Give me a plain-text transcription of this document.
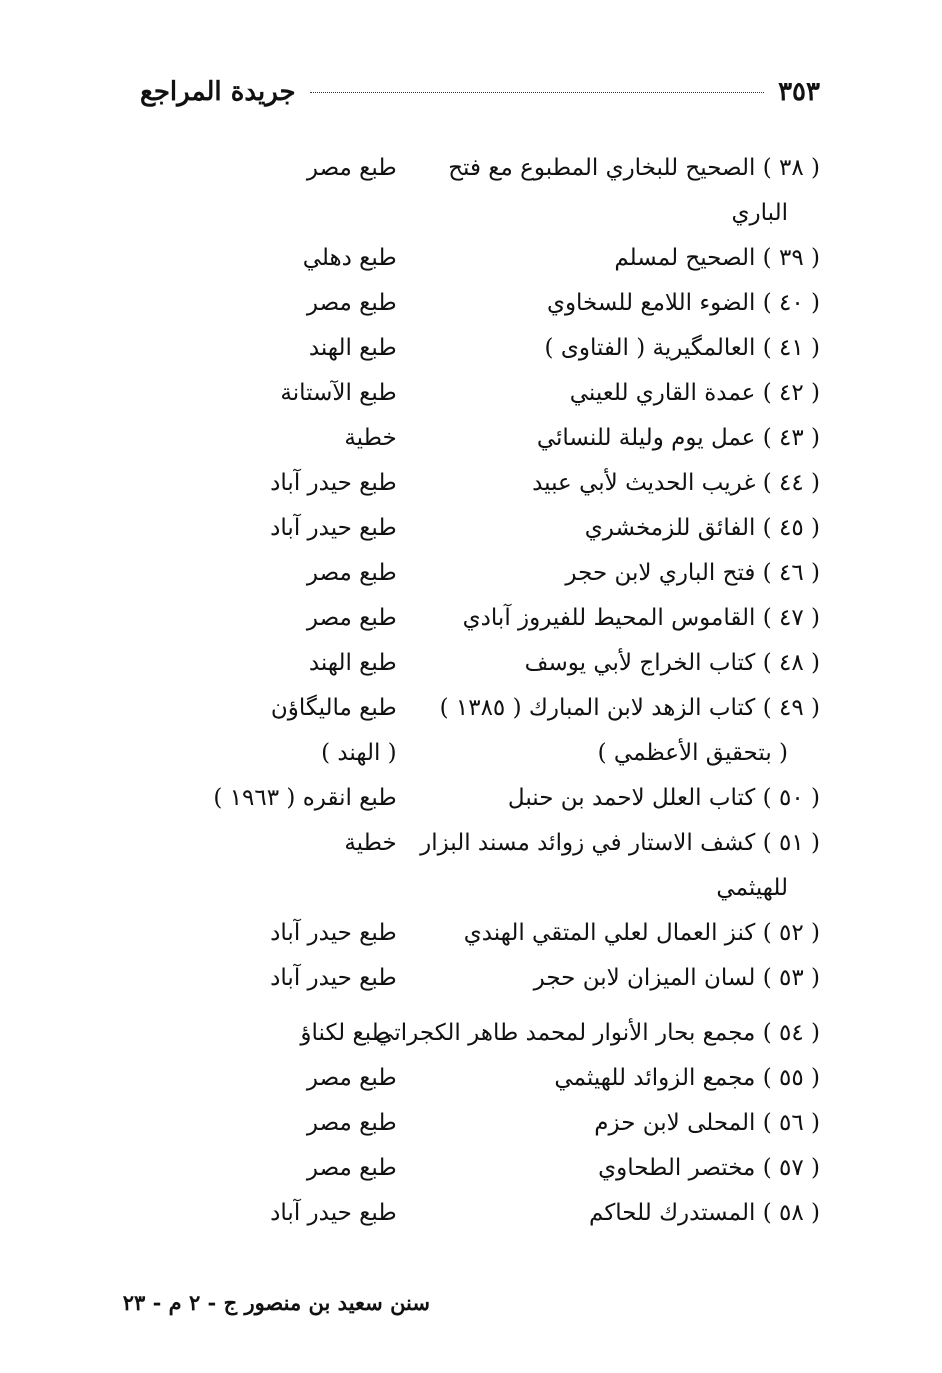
جريدة المراجع	٣٥٣
( ٣٨ ) الصحيح للبخاري المطبوع مع فتح
طبع مصر
الباري
( ٣٩ ) الصحيح لمسلم
طبع دهلي
( ٤٠ ) الضوء اللامع للسخاوي
طبع مصر
( ٤١ ) العالمگيرية ( الفتاوى )
طبع الهند
( ٤٢ ) عمدة القاري للعيني
طبع الآستانة
( ٤٣ ) عمل يوم وليلة للنسائي
خطية
( ٤٤ ) غريب الحديث لأبي عبيد
طبع حيدر آباد
( ٤٥ ) الفائق للزمخشري
طبع حيدر آباد
( ٤٦ ) فتح الباري لابن حجر
طبع مصر
( ٤٧ ) القاموس المحيط للفيروز آبادي
طبع مصر
( ٤٨ ) كتاب الخراج لأبي يوسف
طبع الهند
( ٤٩ ) كتاب الزهد لابن المبارك ( ١٣٨٥ )
طبع ماليگاؤن
( بتحقيق الأعظمي )
( الهند )
( ٥٠ ) كتاب العلل لاحمد بن حنبل
طبع انقره ( ١٩٦٣ )
( ٥١ ) كشف الاستار في زوائد مسند البزار
خطية
للهيثمي
( ٥٢ ) كنز العمال لعلي المتقي الهندي
طبع حيدر آباد
( ٥٣ ) لسان الميزان لابن حجر
طبع حيدر آباد
( ٥٤ ) مجمع بحار الأنوار لمحمد طاهر الكجراتي
طبع لكناؤ
( ٥٥ ) مجمع الزوائد للهيثمي
طبع مصر
( ٥٦ ) المحلى لابن حزم
طبع مصر
( ٥٧ ) مختصر الطحاوي
طبع مصر
( ٥٨ ) المستدرك للحاكم
طبع حيدر آباد
سنن سعيد بن منصور ج - ٢ م - ٢٣
